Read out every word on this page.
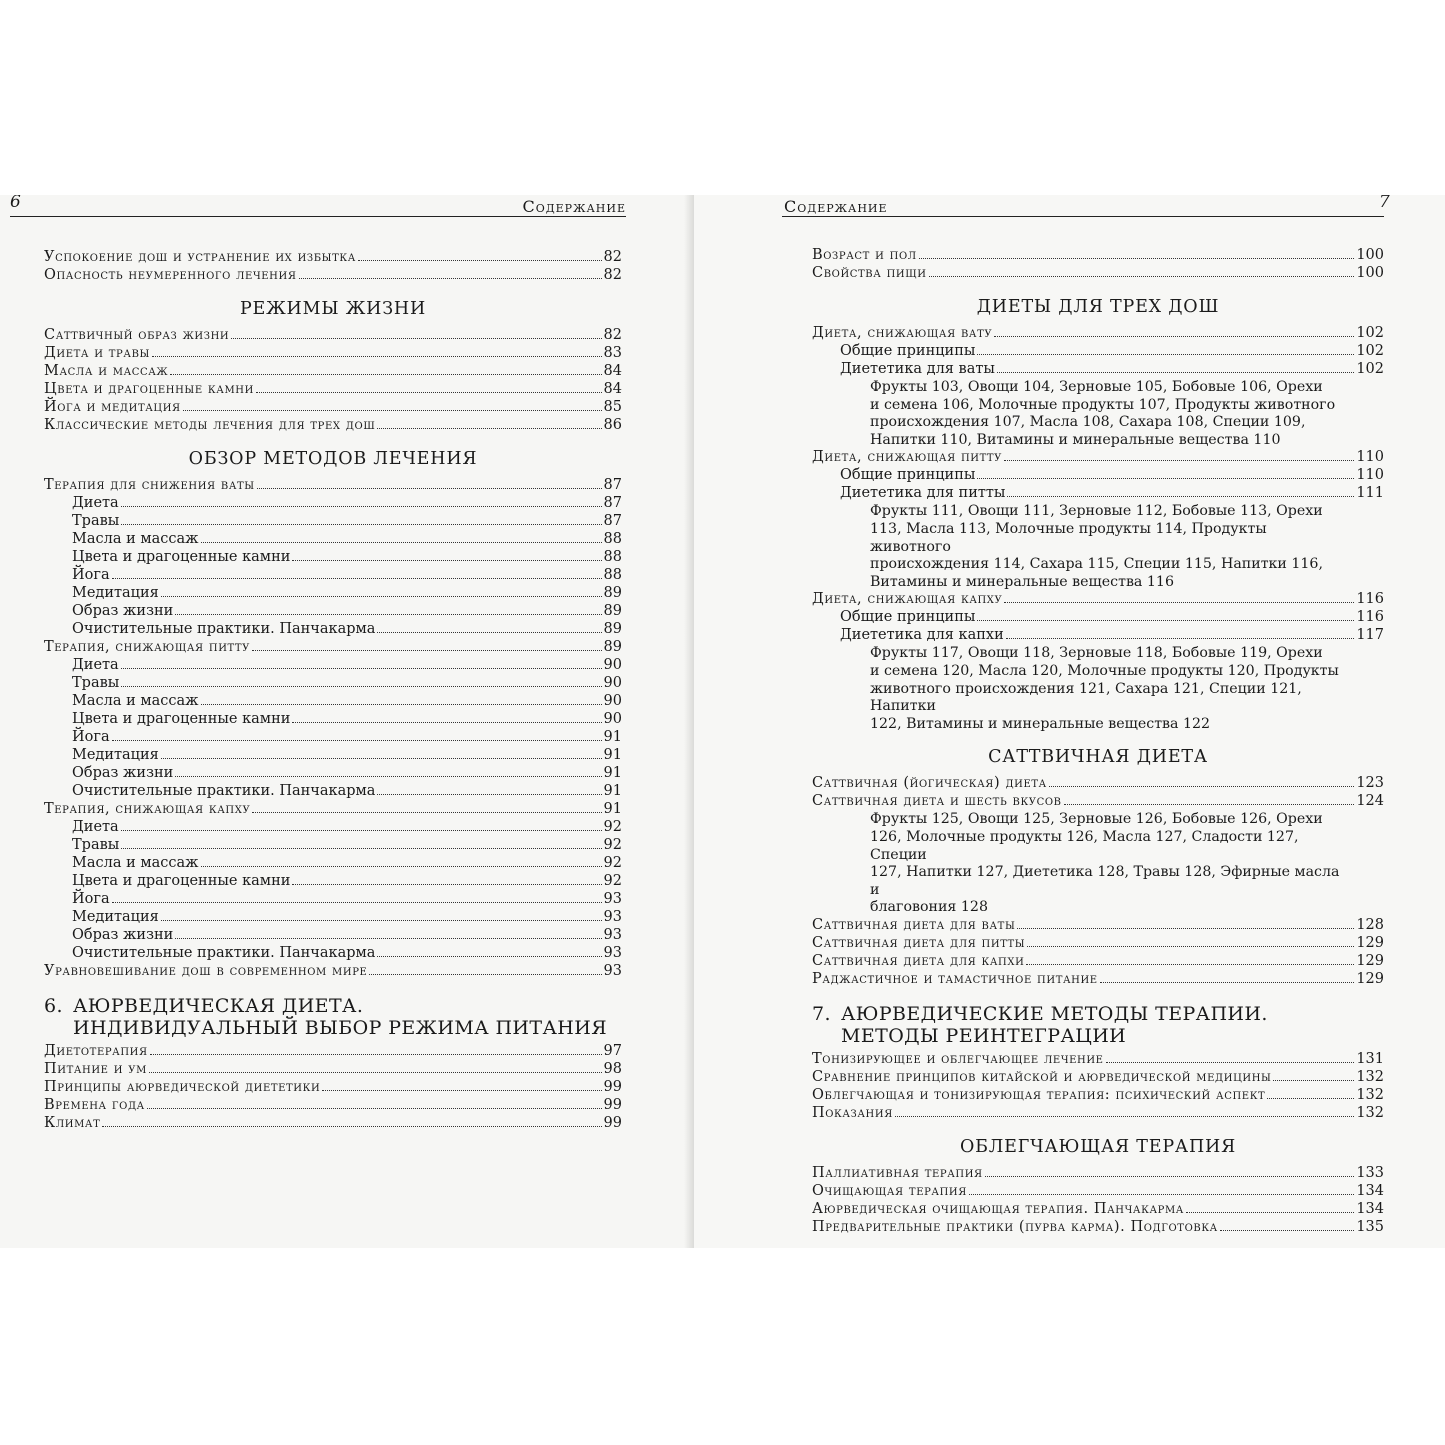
6	Содержание
Успокоение дош и устранение их избытка	82
Опасность неумеренного лечения	82
РЕЖИМЫ ЖИЗНИ
Саттвичный образ жизни	82
Диета и травы	83
Масла и массаж	84
Цвета и драгоценные камни	84
Йога и медитация	85
Классические методы лечения для трех дош	86
ОБЗОР МЕТОДОВ ЛЕЧЕНИЯ
Терапия для снижения ваты	87
Диета	87
Травы	87
Масла и массаж	88
Цвета и драгоценные камни	88
Йога	88
Медитация	89
Образ жизни	89
Очистительные практики. Панчакарма	89
Терапия, снижающая питту	89
Диета	90
Травы	90
Масла и массаж	90
Цвета и драгоценные камни	90
Йога	91
Медитация	91
Образ жизни	91
Очистительные практики. Панчакарма	91
Терапия, снижающая капху	91
Диета	92
Травы	92
Масла и массаж	92
Цвета и драгоценные камни	92
Йога	93
Медитация	93
Образ жизни	93
Очистительные практики. Панчакарма	93
Уравновешивание дош в современном мире	93
6. АЮРВЕДИЧЕСКАЯ ДИЕТА.
ИНДИВИДУАЛЬНЫЙ ВЫБОР РЕЖИМА ПИТАНИЯ
Диетотерапия	97
Питание и ум	98
Принципы аюрведической диететики	99
Времена года	99
Климат	99
Содержание	7
Возраст и пол	100
Свойства пищи	100
ДИЕТЫ ДЛЯ ТРЕХ ДОШ
Диета, снижающая вату	102
Общие принципы	102
Диететика для ваты	102
Фрукты 103, Овощи 104, Зерновые 105, Бобовые 106, Орехи
и семена 106, Молочные продукты 107, Продукты животного
происхождения 107, Масла 108, Сахара 108, Специи 109,
Напитки 110, Витамины и минеральные вещества 110
Диета, снижающая питту	110
Общие принципы	110
Диететика для питты	111
Фрукты 111, Овощи 111, Зерновые 112, Бобовые 113, Орехи
113, Масла 113, Молочные продукты 114, Продукты животного
происхождения 114, Сахара 115, Специи 115, Напитки 116,
Витамины и минеральные вещества 116
Диета, снижающая капху	116
Общие принципы	116
Диететика для капхи	117
Фрукты 117, Овощи 118, Зерновые 118, Бобовые 119, Орехи
и семена 120, Масла 120, Молочные продукты 120, Продукты
животного происхождения 121, Сахара 121, Специи 121, Напитки
122, Витамины и минеральные вещества 122
САТТВИЧНАЯ ДИЕТА
Саттвичная (йогическая) диета	123
Саттвичная диета и шесть вкусов	124
Фрукты 125, Овощи 125, Зерновые 126, Бобовые 126, Орехи
126, Молочные продукты 126, Масла 127, Сладости 127, Специи
127, Напитки 127, Диететика 128, Травы 128, Эфирные масла и
благовония 128
Саттвичная диета для ваты	128
Саттвичная диета для питты	129
Саттвичная диета для капхи	129
Раджастичное и тамастичное питание	129
7. АЮРВЕДИЧЕСКИЕ МЕТОДЫ ТЕРАПИИ.
МЕТОДЫ РЕИНТЕГРАЦИИ
Тонизирующее и облегчающее лечение	131
Сравнение принципов китайской и аюрведической медицины	132
Облегчающая и тонизирующая терапия: психический аспект	132
Показания	132
ОБЛЕГЧАЮЩАЯ ТЕРАПИЯ
Паллиативная терапия	133
Очищающая терапия	134
Аюрведическая очищающая терапия. Панчакарма	134
Предварительные практики (пурва карма). Подготовка	135
